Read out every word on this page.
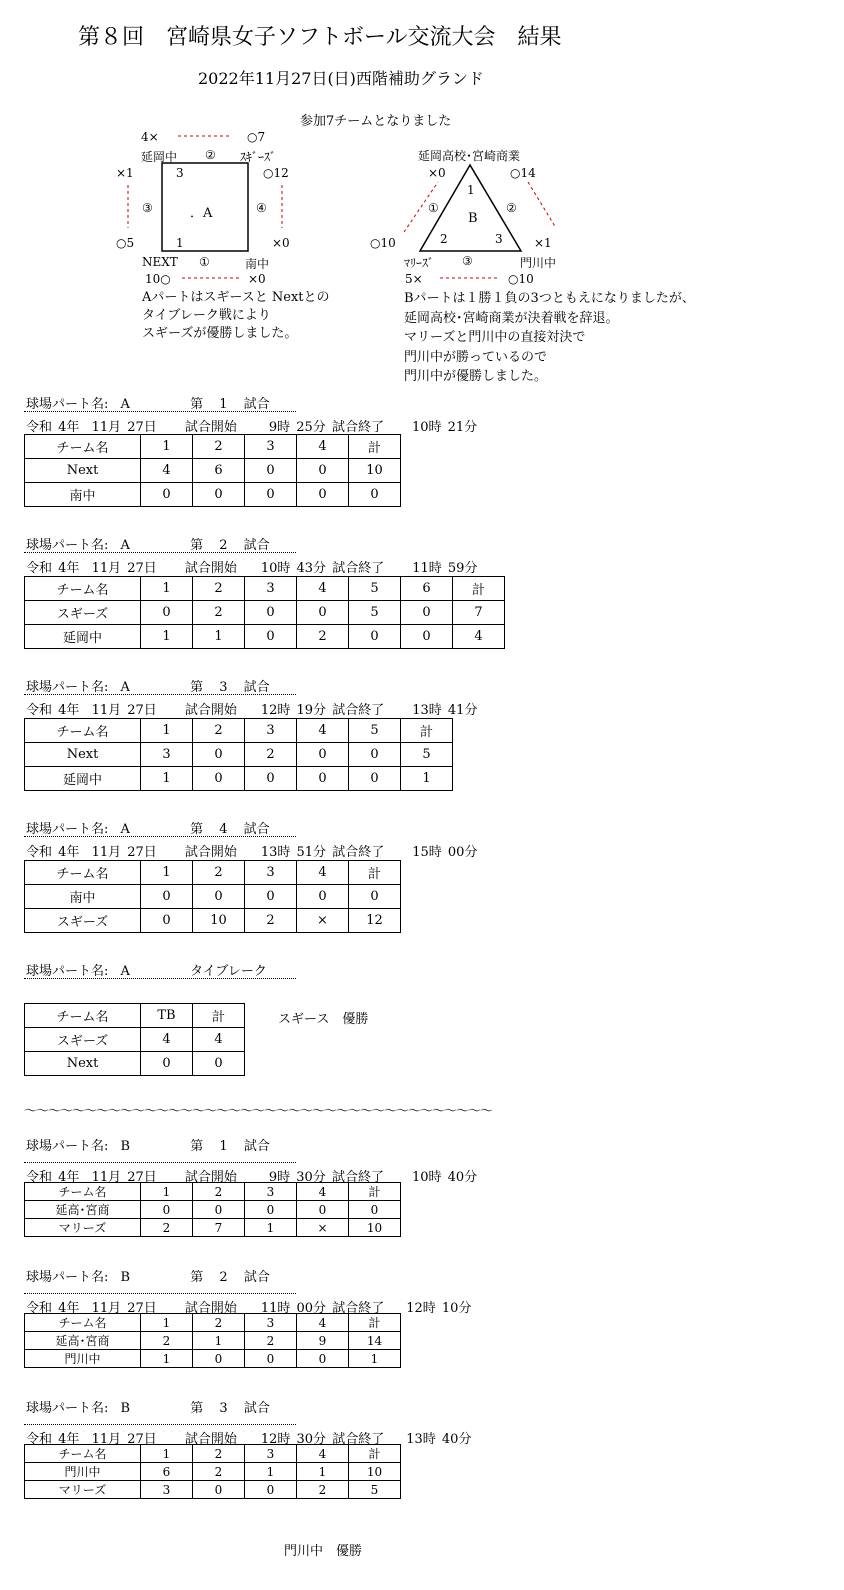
第８回　宮崎県女子ソフトボール交流大会　結果
2022年11月27日(日)西階補助グランド
参加7チームとなりました
4×	○7
延岡中 ② ｽｷﾞｰｽﾞ
×1	○12
3
③	．A	④
○5	1	×0
NEXT ①	南中
10○	×0
Aパートはスギースと Nextとの
タイブレーク戦により
スギーズが優勝しました。
延岡高校･宮崎商業
×0	○14
1
①
B
②
2	3
○10	×1
ﾏﾘｰｽﾞ ③	門川中
5×	○10
Bパートは１勝１負の3つともえになりましたが、
延岡高校･宮崎商業が決着戦を辞退。
マリーズと門川中の直接対決で
門川中が勝っているので
門川中が優勝しました。
球場パート名: A	第 1 試合
令和 4年 11月 27日 試合開始 9時 25分 試合終了 10時 21分
チーム名	1	2	3	4	計
Next	4	6	0	0	10
南中	0	0	0	0	0
球場パート名: A	第 2 試合
令和 4年 11月 27日 試合開始 10時 43分 試合終了 11時 59分
チーム名	1	2	3	4	5	6	計
スギーズ	0	2	0	0	5	0	7
延岡中	1	1	0	2	0	0	4
球場パート名: A	第 3 試合
令和 4年 11月 27日 試合開始 12時 19分 試合終了 13時 41分
チーム名	1	2	3	4	5	計
Next	3	0	2	0	0	5
延岡中	1	0	0	0	0	1
球場パート名: A	第 4 試合
令和 4年 11月 27日 試合開始 13時 51分 試合終了 15時 00分
チーム名	1	2	3	4	計
南中	0	0	0	0	0
スギーズ	0	10	2	×	12
球場パート名: A	タイブレーク
チーム名	TB	計
スギーズ	4	4
Next	0	0
スギース　優勝
～～～～～～～～～～～～～～～～～～～～～～～～～～～～～～～～～～～～～～～
球場パート名: B	第 1 試合
令和 4年 11月 27日 試合開始 9時 30分 試合終了 10時 40分
チーム名	1	2	3	4	計
延高･宮商	0	0	0	0	0
マリーズ	2	7	1	×	10
球場パート名: B	第 2 試合
令和 4年 11月 27日 試合開始 11時 00分 試合終了 12時 10分
チーム名	1	2	3	4	計
延高･宮商	2	1	2	9	14
門川中	1	0	0	0	1
球場パート名: B	第 3 試合
令和 4年 11月 27日 試合開始 12時 30分 試合終了 13時 40分
チーム名	1	2	3	4	計
門川中	6	2	1	1	10
マリーズ	3	0	0	2	5
門川中　優勝
